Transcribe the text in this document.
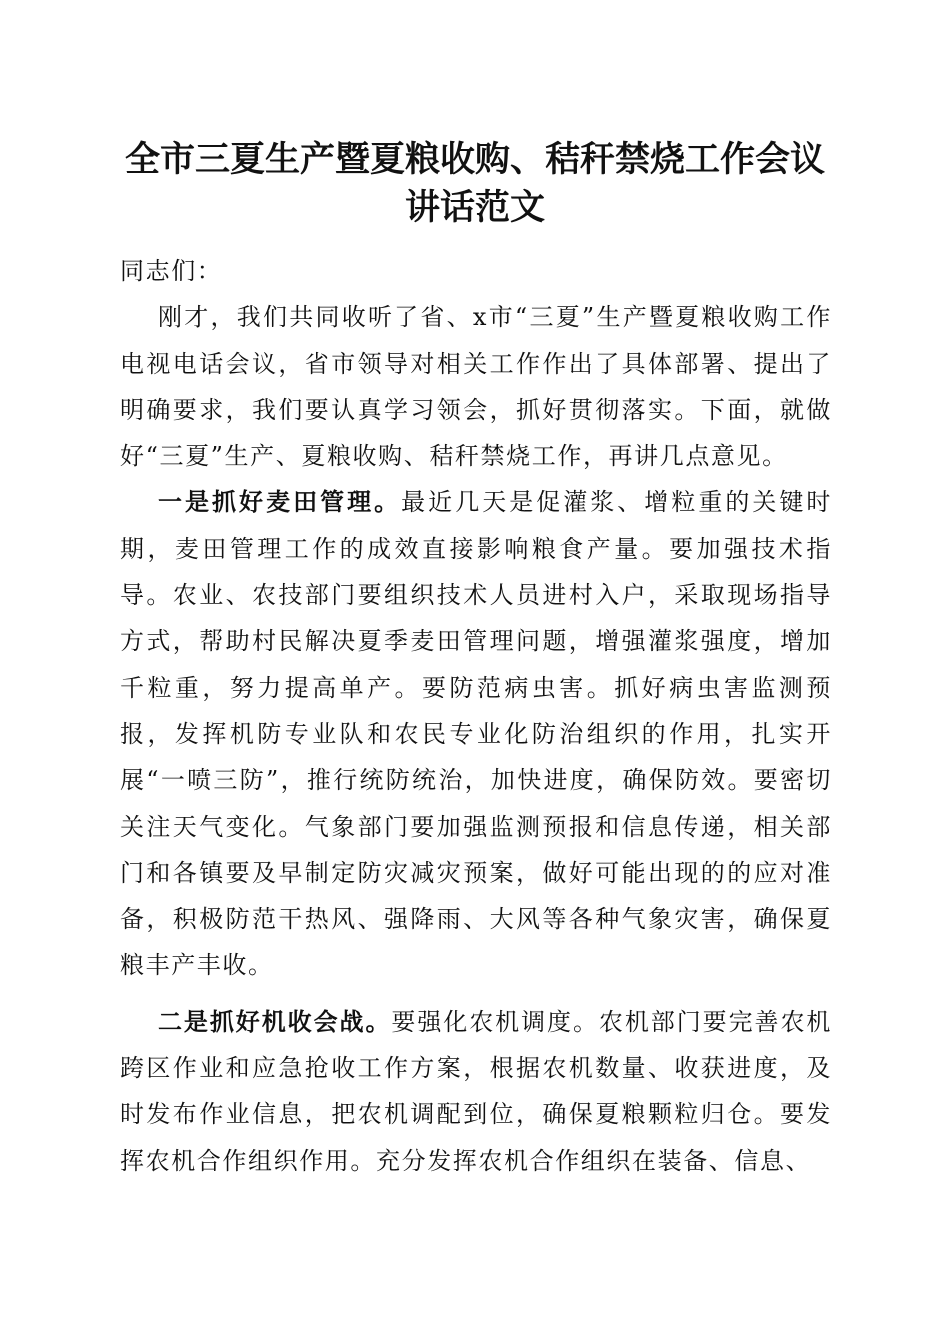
全市三夏生产暨夏粮收购、秸秆禁烧工作会议
讲话范文

同志们：

刚才，我们共同收听了省、x市“三夏”生产暨夏粮收购工作电视电话会议，省市领导对相关工作作出了具体部署、提出了明确要求，我们要认真学习领会，抓好贯彻落实。下面，就做好“三夏”生产、夏粮收购、秸秆禁烧工作，再讲几点意见。

一是抓好麦田管理。最近几天是促灌浆、增粒重的关键时期，麦田管理工作的成效直接影响粮食产量。要加强技术指导。农业、农技部门要组织技术人员进村入户，采取现场指导方式，帮助村民解决夏季麦田管理问题，增强灌浆强度，增加千粒重，努力提高单产。要防范病虫害。抓好病虫害监测预报，发挥机防专业队和农民专业化防治组织的作用，扎实开展“一喷三防”，推行统防统治，加快进度，确保防效。要密切关注天气变化。气象部门要加强监测预报和信息传递，相关部门和各镇要及早制定防灾减灾预案，做好可能出现的的应对准备，积极防范干热风、强降雨、大风等各种气象灾害，确保夏粮丰产丰收。

二是抓好机收会战。要强化农机调度。农机部门要完善农机跨区作业和应急抢收工作方案，根据农机数量、收获进度，及时发布作业信息，把农机调配到位，确保夏粮颗粒归仓。要发挥农机合作组织作用。充分发挥农机合作组织在装备、信息、
